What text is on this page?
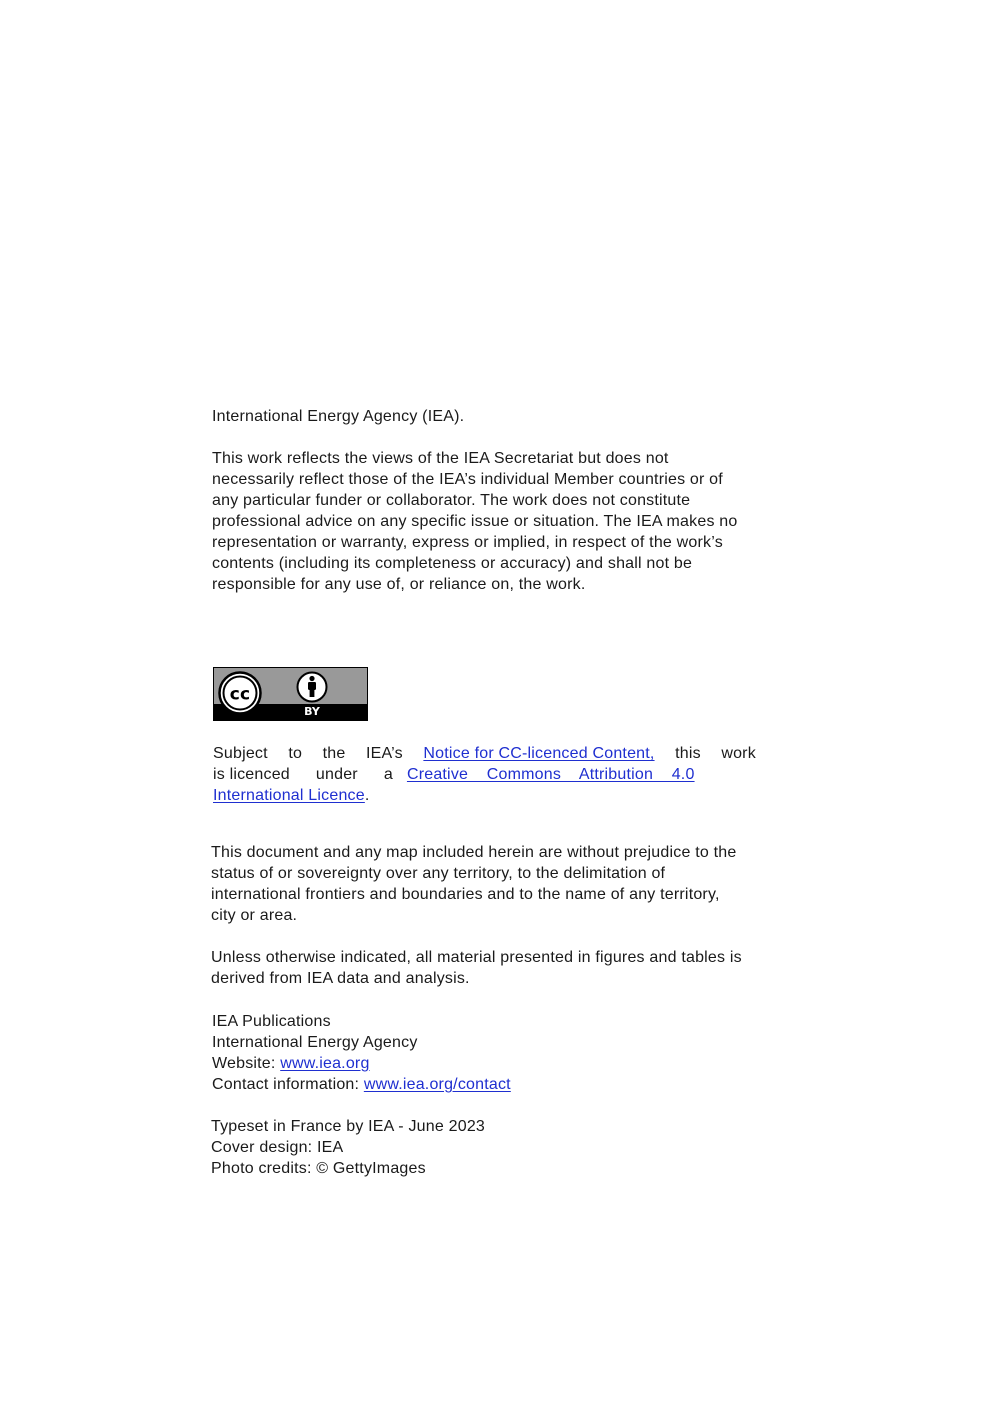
International Energy Agency (IEA).
This work reflects the views of the IEA Secretariat but does not
necessarily reflect those of the IEA’s individual Member countries or of
any particular funder or collaborator. The work does not constitute
professional advice on any specific issue or situation. The IEA makes no
representation or warranty, express or implied, in respect of the work’s
contents (including its completeness or accuracy) and shall not be
responsible for any use of, or reliance on, the work.
cc
BY
Subject to the IEA’s Notice for CC-licenced Content, this work
is licenced under a Creative Commons Attribution 4.0
International Licence.
This document and any map included herein are without prejudice to the
status of or sovereignty over any territory, to the delimitation of
international frontiers and boundaries and to the name of any territory,
city or area.
Unless otherwise indicated, all material presented in figures and tables is
derived from IEA data and analysis.
IEA Publications
International Energy Agency
Website: www.iea.org
Contact information: www.iea.org/contact
Typeset in France by IEA - June 2023
Cover design: IEA
Photo credits: © GettyImages
